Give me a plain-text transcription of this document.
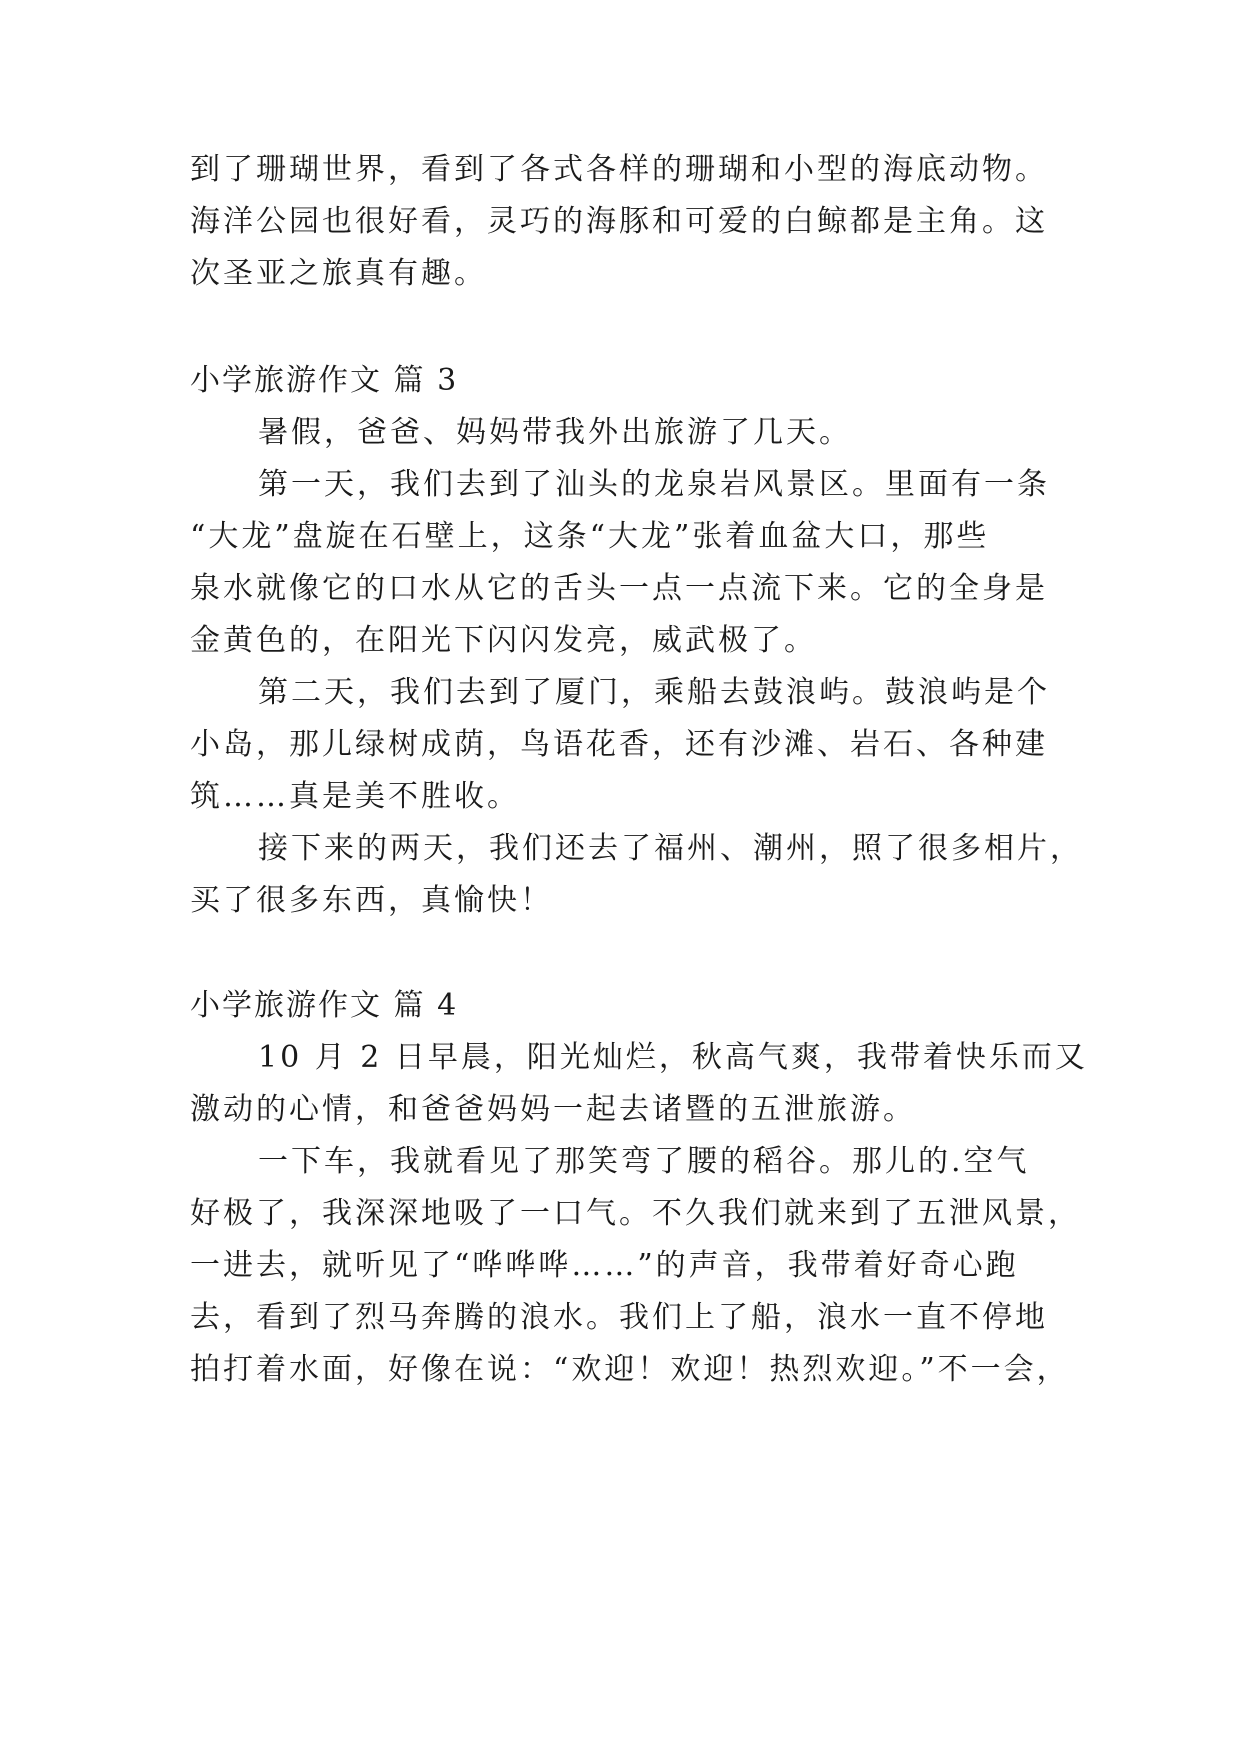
到了珊瑚世界，看到了各式各样的珊瑚和小型的海底动物。
海洋公园也很好看，灵巧的海豚和可爱的白鲸都是主角。这
次圣亚之旅真有趣。
小学旅游作文 篇 3
暑假，爸爸、妈妈带我外出旅游了几天。
第一天，我们去到了汕头的龙泉岩风景区。里面有一条
“大龙”盘旋在石壁上，这条“大龙”张着血盆大口，那些
泉水就像它的口水从它的舌头一点一点流下来。它的全身是
金黄色的，在阳光下闪闪发亮，威武极了。
第二天，我们去到了厦门，乘船去鼓浪屿。鼓浪屿是个
小岛，那儿绿树成荫，鸟语花香，还有沙滩、岩石、各种建
筑……真是美不胜收。
接下来的两天，我们还去了福州、潮州，照了很多相片，
买了很多东西，真愉快！
小学旅游作文 篇 4
10 月 2 日早晨，阳光灿烂，秋高气爽，我带着快乐而又
激动的心情，和爸爸妈妈一起去诸暨的五泄旅游。
一下车，我就看见了那笑弯了腰的稻谷。那儿的.空气
好极了，我深深地吸了一口气。不久我们就来到了五泄风景，
一进去，就听见了“哗哗哗……”的声音，我带着好奇心跑
去，看到了烈马奔腾的浪水。我们上了船，浪水一直不停地
拍打着水面，好像在说：“欢迎！欢迎！热烈欢迎。”不一会，
